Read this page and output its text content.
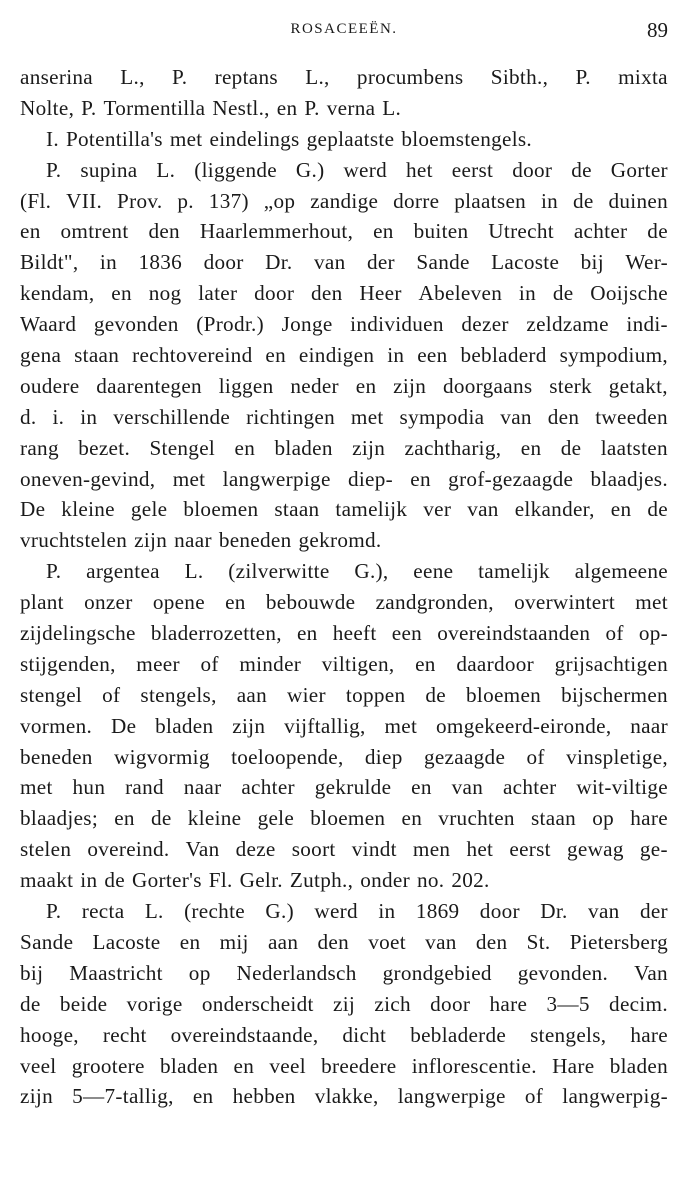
ROSACEEËN.	89
anserina L., P. reptans L., procumbens Sibth., P. mixta
Nolte, P. Tormentilla Nestl., en P. verna L.
I. Potentilla's met eindelings geplaatste bloemstengels.
P. supina L. (liggende G.) werd het eerst door de Gorter
(Fl. VII. Prov. p. 137) „op zandige dorre plaatsen in de duinen
en omtrent den Haarlemmerhout, en buiten Utrecht achter de
Bildt", in 1836 door Dr. van der Sande Lacoste bij Wer-
kendam, en nog later door den Heer Abeleven in de Ooijsche
Waard gevonden (Prodr.) Jonge individuen dezer zeldzame indi-
gena staan rechtovereind en eindigen in een bebladerd sympodium,
oudere daarentegen liggen neder en zijn doorgaans sterk getakt,
d. i. in verschillende richtingen met sympodia van den tweeden
rang bezet. Stengel en bladen zijn zachtharig, en de laatsten
oneven-gevind, met langwerpige diep- en grof-gezaagde blaadjes.
De kleine gele bloemen staan tamelijk ver van elkander, en de
vruchtstelen zijn naar beneden gekromd.
P. argentea L. (zilverwitte G.), eene tamelijk algemeene
plant onzer opene en bebouwde zandgronden, overwintert met
zijdelingsche bladerrozetten, en heeft een overeindstaanden of op-
stijgenden, meer of minder viltigen, en daardoor grijsachtigen
stengel of stengels, aan wier toppen de bloemen bijschermen
vormen. De bladen zijn vijftallig, met omgekeerd-eironde, naar
beneden wigvormig toeloopende, diep gezaagde of vinspletige,
met hun rand naar achter gekrulde en van achter wit-viltige
blaadjes; en de kleine gele bloemen en vruchten staan op hare
stelen overeind. Van deze soort vindt men het eerst gewag ge-
maakt in de Gorter's Fl. Gelr. Zutph., onder no. 202.
P. recta L. (rechte G.) werd in 1869 door Dr. van der
Sande Lacoste en mij aan den voet van den St. Pietersberg
bij Maastricht op Nederlandsch grondgebied gevonden. Van
de beide vorige onderscheidt zij zich door hare 3—5 decim.
hooge, recht overeindstaande, dicht bebladerde stengels, hare
veel grootere bladen en veel breedere inflorescentie. Hare bladen
zijn 5—7-tallig, en hebben vlakke, langwerpige of langwerpig-
